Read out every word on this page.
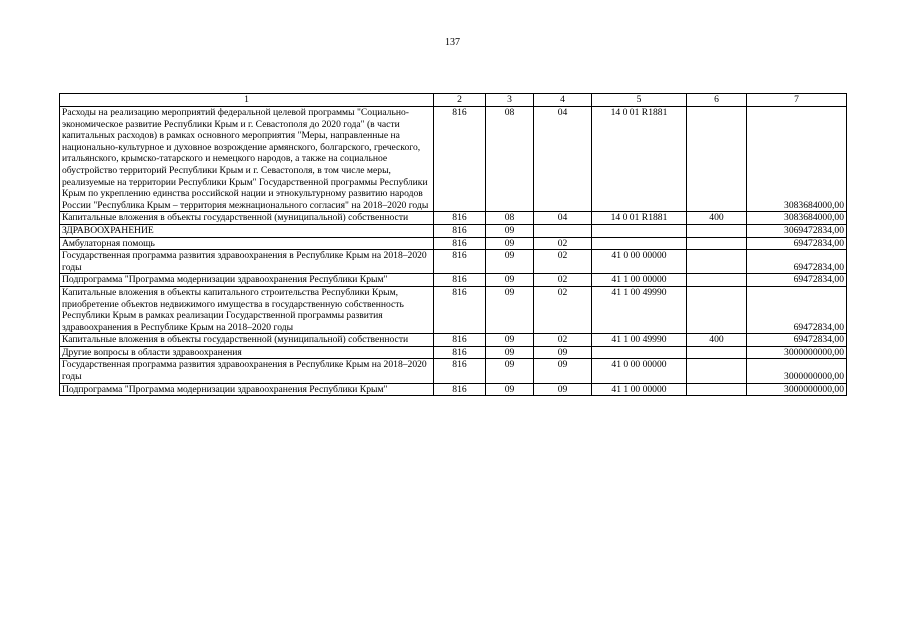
137
1	2	3	4	5	6	7
Расходы на реализацию мероприятий федеральной целевой программы "Социально-экономическое развитие Республики Крым и г. Севастополя до 2020 года" (в части капитальных расходов) в рамках основного мероприятия "Меры, направленные на национально-культурное и духовное возрождение армянского, болгарского, греческого, итальянского, крымско-татарского и немецкого народов, а также на социальное обустройство территорий Республики Крым и г. Севастополя, в том числе меры, реализуемые на территории Республики Крым" Государственной программы Республики Крым по укреплению единства российской нации и этнокультурному развитию народов России "Республика Крым – территория межнационального согласия" на 2018–2020 годы	816	08	04	14 0 01 R1881		3083684000,00
Капитальные вложения в объекты государственной (муниципальной) собственности	816	08	04	14 0 01 R1881	400	3083684000,00
ЗДРАВООХРАНЕНИЕ	816	09				3069472834,00
Амбулаторная помощь	816	09	02			69472834,00
Государственная программа развития здравоохранения в Республике Крым на 2018–2020 годы	816	09	02	41 0 00 00000		69472834,00
Подпрограмма "Программа модернизации здравоохранения Республики Крым"	816	09	02	41 1 00 00000		69472834,00
Капитальные вложения в объекты капитального строительства Республики Крым, приобретение объектов недвижимого имущества в государственную собственность Республики Крым в рамках реализации Государственной программы развития здравоохранения в Республике Крым на 2018–2020 годы	816	09	02	41 1 00 49990		69472834,00
Капитальные вложения в объекты государственной (муниципальной) собственности	816	09	02	41 1 00 49990	400	69472834,00
Другие вопросы в области здравоохранения	816	09	09			3000000000,00
Государственная программа развития здравоохранения в Республике Крым на 2018–2020 годы	816	09	09	41 0 00 00000		3000000000,00
Подпрограмма "Программа модернизации здравоохранения Республики Крым"	816	09	09	41 1 00 00000		3000000000,00
